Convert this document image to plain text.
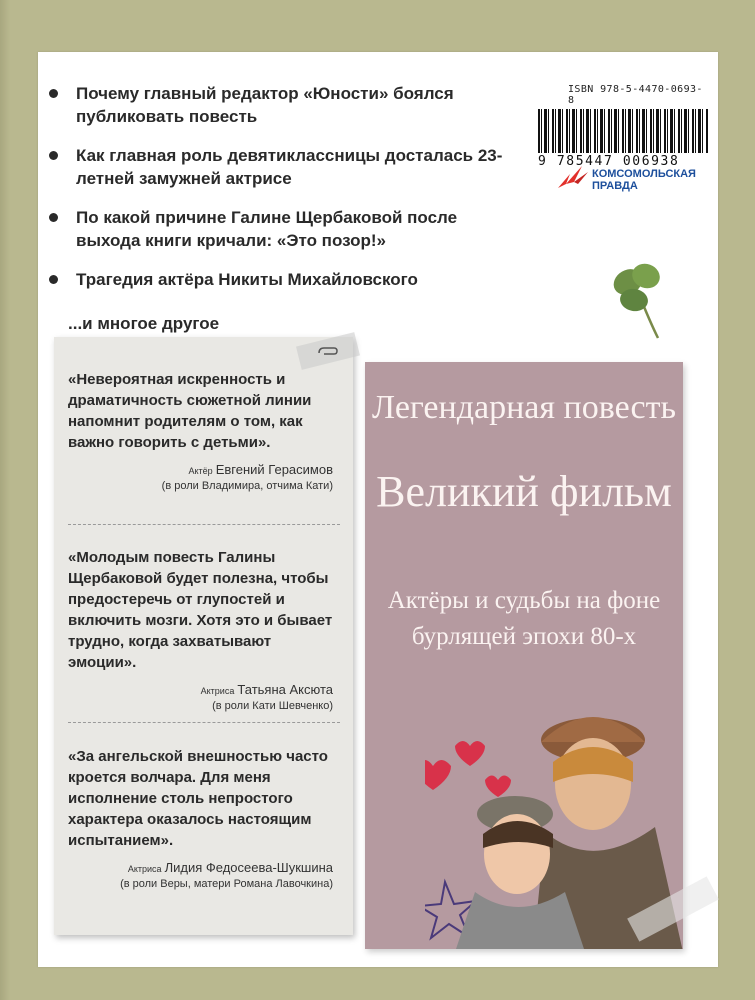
Почему главный редактор «Юности» боялся публиковать повесть
Как главная роль девятиклассницы досталась 23-летней замужней актрисе
По какой причине Галине Щербаковой после выхода книги кричали: «Это позор!»
Трагедия актёра Никиты Михайловского
...и многое другое
ISBN 978-5-4470-0693-8
9 785447 006938
КОМСОМОЛЬСКАЯ
ПРАВДА
«Невероятная искренность и драматичность сюжетной линии напомнит родителям о том, как важно говорить с детьми».
Актёр Евгений Герасимов
(в роли Владимира, отчима Кати)
«Молодым повесть Галины Щербаковой будет полезна, чтобы предостеречь от глупостей и включить мозги. Хотя это и бывает трудно, когда захватывают эмоции».
Актриса Татьяна Аксюта
(в роли Кати Шевченко)
«За ангельской внешностью часто кроется волчара. Для меня исполнение столь непростого характера оказалось настоящим испытанием».
Актриса Лидия Федосеева-Шукшина
(в роли Веры, матери Романа Лавочкина)
Легендарная повесть
Великий фильм
Актёры и судьбы на фоне бурлящей эпохи 80-х
